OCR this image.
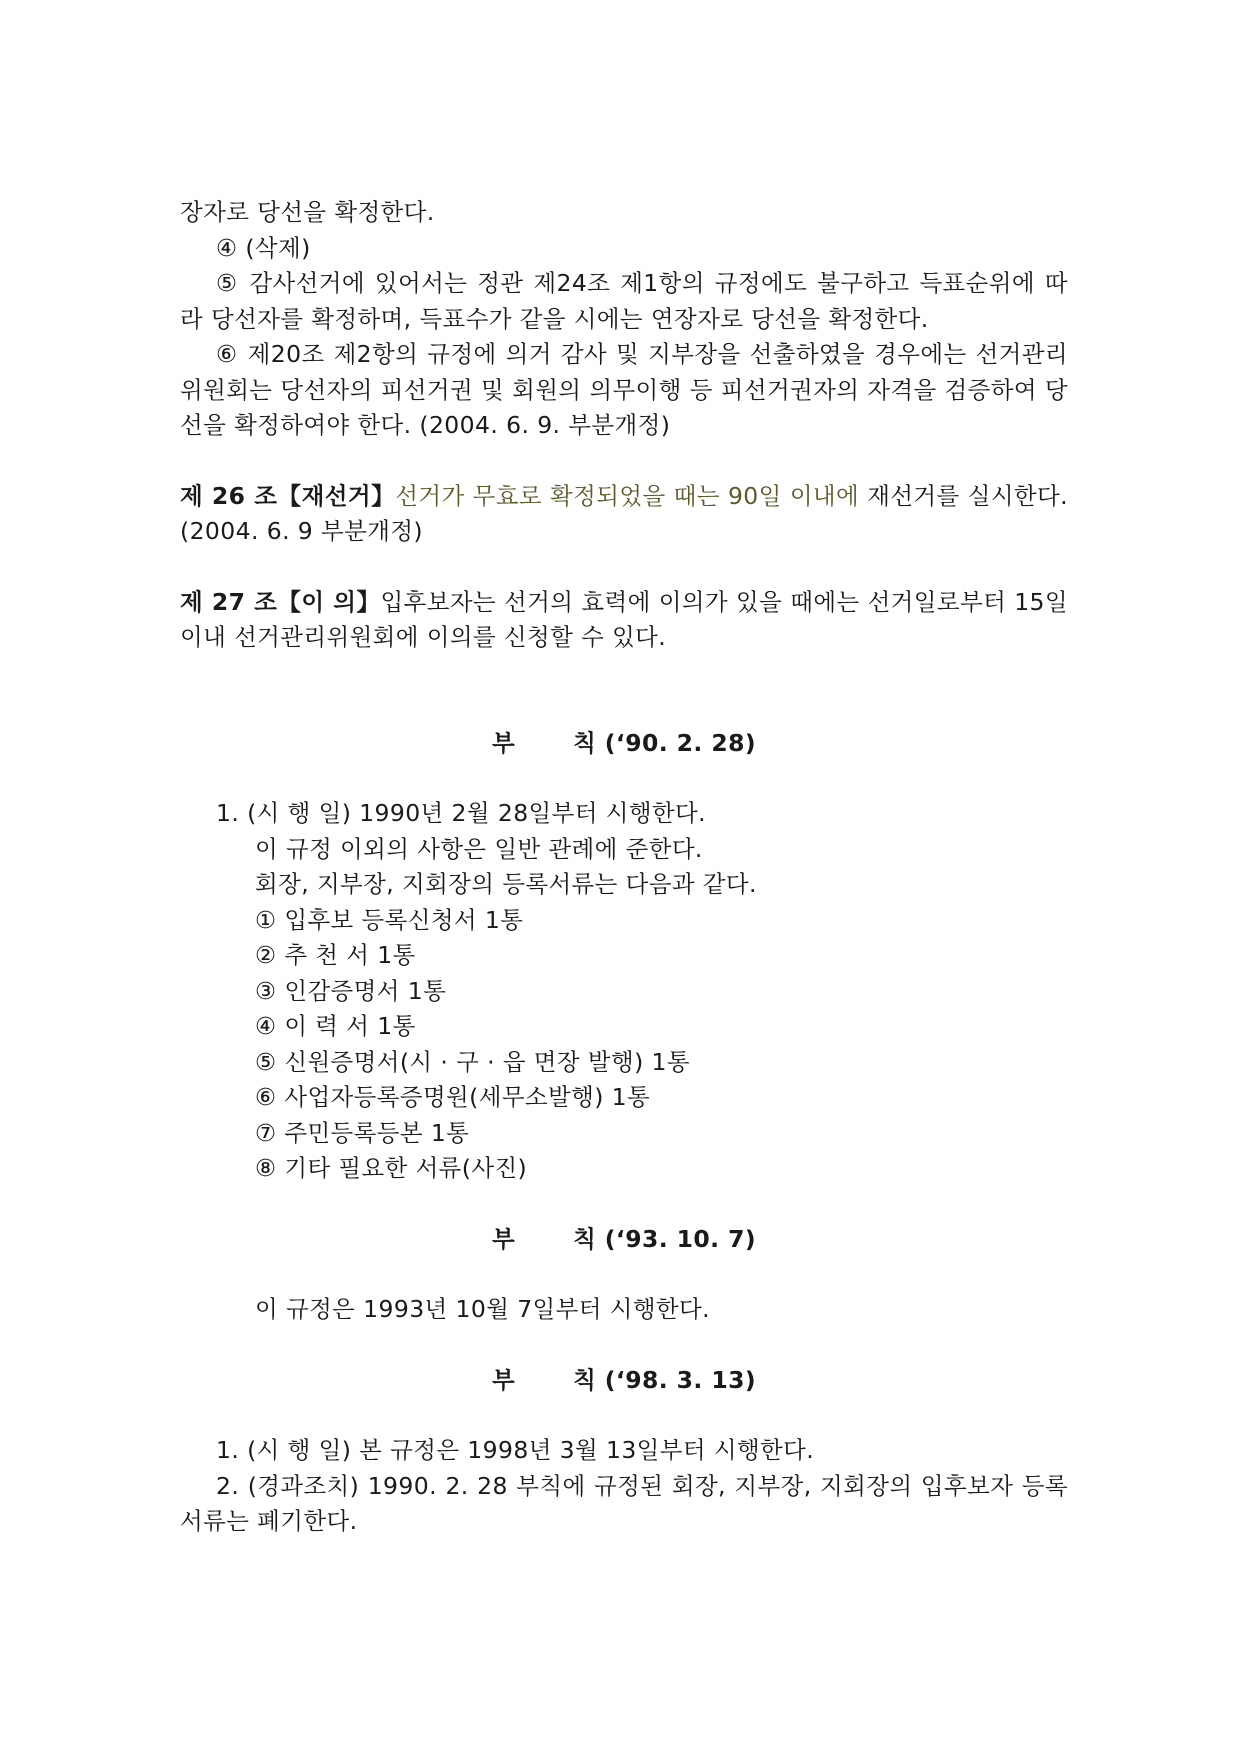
장자로 당선을 확정한다.

④ (삭제)

⑤ 감사선거에 있어서는 정관 제24조 제1항의 규정에도 불구하고 득표순위에 따라 당선자를 확정하며, 득표수가 같을 시에는 연장자로 당선을 확정한다.

⑥ 제20조 제2항의 규정에 의거 감사 및 지부장을 선출하였을 경우에는 선거관리위원회는 당선자의 피선거권 및 회원의 의무이행 등 피선거권자의 자격을 검증하여 당선을 확정하여야 한다. (2004. 6. 9. 부분개정)

제 26 조【재선거】선거가 무효로 확정되었을 때는 90일 이내에 재선거를 실시한다.(2004. 6. 9 부분개정)

제 27 조【이 의】입후보자는 선거의 효력에 이의가 있을 때에는 선거일로부터 15일 이내 선거관리위원회에 이의를 신청할 수 있다.

부 칙 (‘90. 2. 28)

1. (시 행 일) 1990년 2월 28일부터 시행한다.

이 규정 이외의 사항은 일반 관례에 준한다.

회장, 지부장, 지회장의 등록서류는 다음과 같다.

① 입후보 등록신청서 1통

② 추 천 서 1통

③ 인감증명서 1통

④ 이 력 서 1통

⑤ 신원증명서(시 · 구 · 읍 면장 발행) 1통

⑥ 사업자등록증명원(세무소발행) 1통

⑦ 주민등록등본 1통

⑧ 기타 필요한 서류(사진)

부 칙 (‘93. 10. 7)

이 규정은 1993년 10월 7일부터 시행한다.

부 칙 (‘98. 3. 13)

1. (시 행 일) 본 규정은 1998년 3월 13일부터 시행한다.

2. (경과조치) 1990. 2. 28 부칙에 규정된 회장, 지부장, 지회장의 입후보자 등록서류는 폐기한다.
